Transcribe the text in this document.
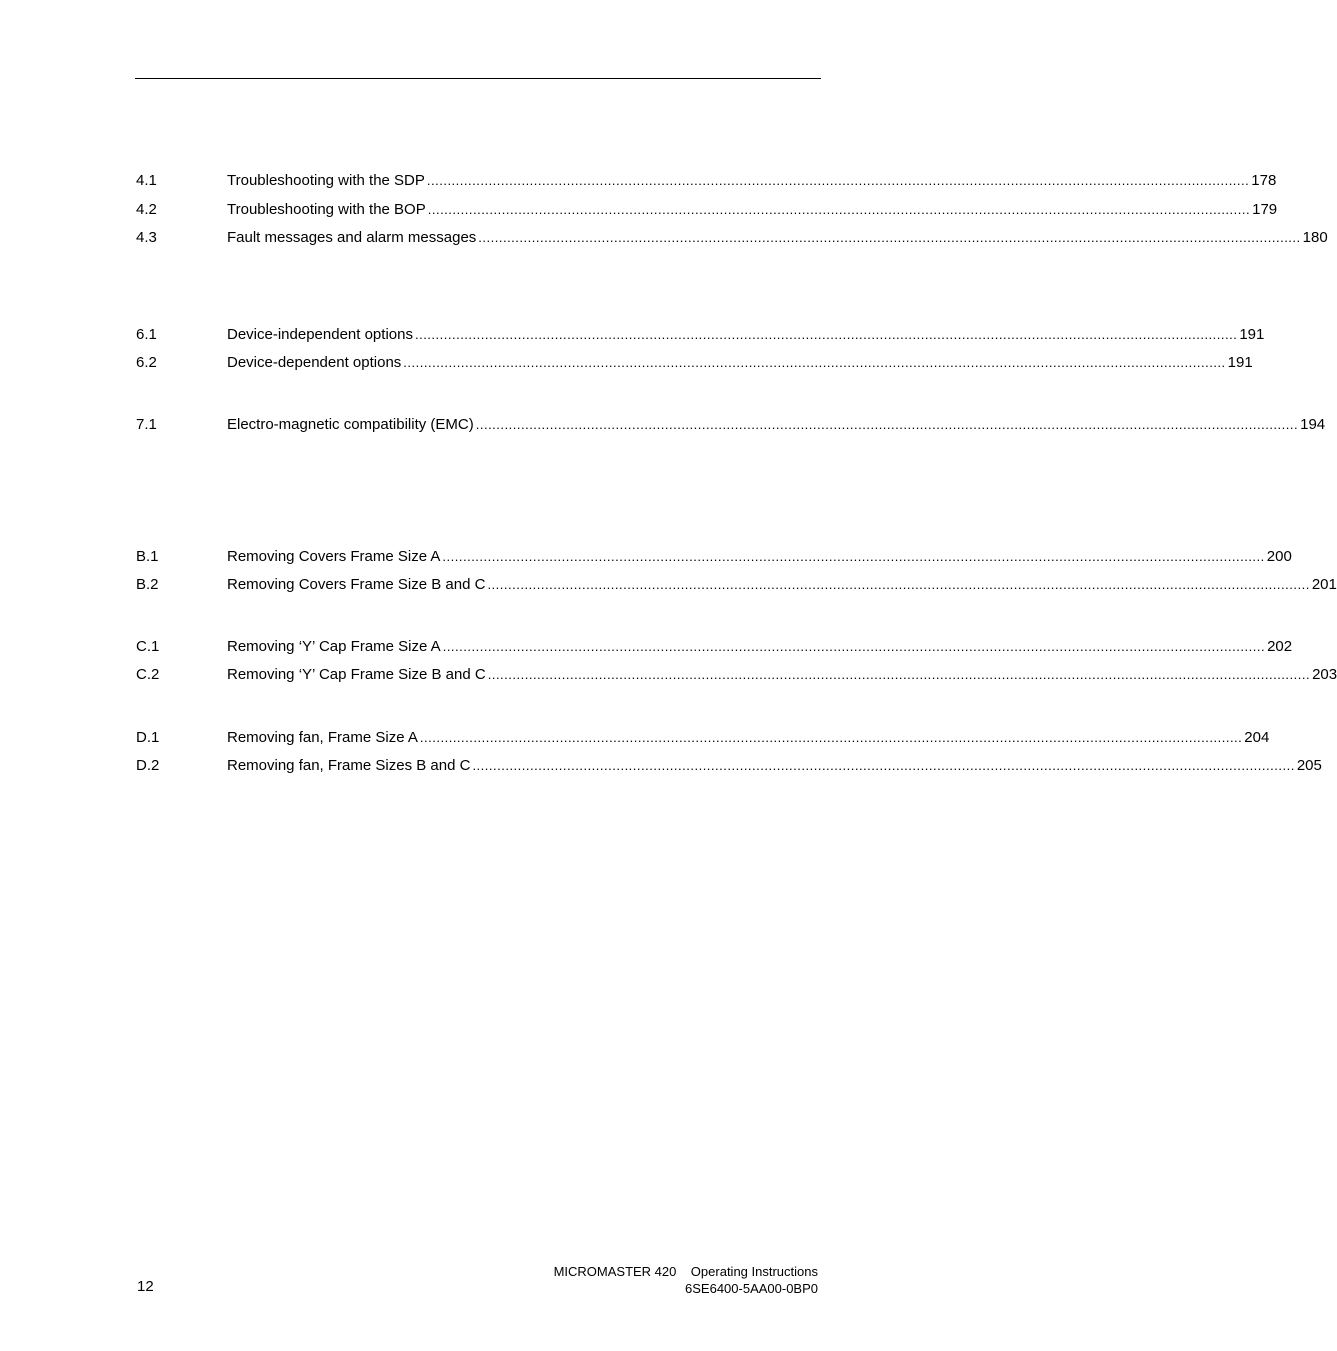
4.1	Troubleshooting with the SDP ........................................................................................................................................................................................................ 178
4.2	Troubleshooting with the BOP ........................................................................................................................................................................................................ 179
4.3	Fault messages and alarm messages ........................................................................................................................................................................................................ 180
6.1	Device-independent options ........................................................................................................................................................................................................ 191
6.2	Device-dependent options ........................................................................................................................................................................................................ 191
7.1	Electro-magnetic compatibility (EMC) ........................................................................................................................................................................................................ 194
B.1	Removing Covers Frame Size A ........................................................................................................................................................................................................ 200
B.2	Removing Covers Frame Size B and C ........................................................................................................................................................................................................ 201
C.1	Removing ‘Y’ Cap Frame Size A ........................................................................................................................................................................................................ 202
C.2	Removing ‘Y’ Cap Frame Size B and C ........................................................................................................................................................................................................ 203
D.1	Removing fan, Frame Size A ........................................................................................................................................................................................................ 204
D.2	Removing fan, Frame Sizes B and C ........................................................................................................................................................................................................ 205
12
MICROMASTER 420    Operating Instructions
6SE6400-5AA00-0BP0
